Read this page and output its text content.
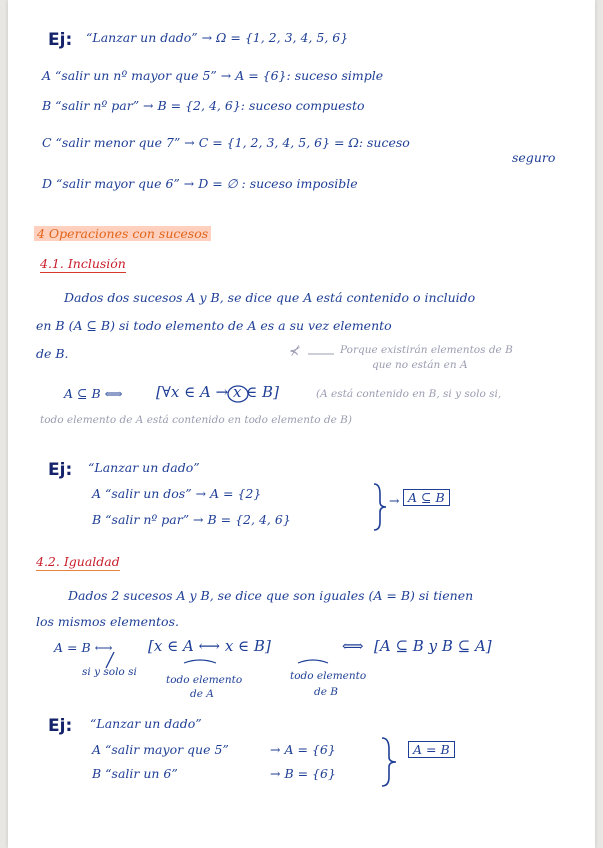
Ej: “Lanzar un dado” → Ω = {1, 2, 3, 4, 5, 6}
A “salir un nº mayor que 5” → A = {6}: suceso simple
B “salir nº par” → B = {2, 4, 6}: suceso compuesto
C “salir menor que 7” → C = {1, 2, 3, 4, 5, 6} = Ω: suceso
seguro
D “salir mayor que 6” → D = ∅ : suceso imposible
4 Operaciones con sucesos
4.1. Inclusión
Dados dos sucesos A y B, se dice que A está contenido o incluido
en B (A ⊆ B) si todo elemento de A es a su vez elemento
de B.	⊀	Porque existirán elementos de B
que no están en A
A ⊆ B ⟺ [∀x ∈ A → x ∈ B]	(A está contenido en B, si y solo si,
todo elemento de A está contenido en todo elemento de B)
Ej: “Lanzar un dado”
A “salir un dos” → A = {2}
B “salir nº par” → B = {2, 4, 6}
→ A ⊆ B
4.2. Igualdad
Dados 2 sucesos A y B, se dice que son iguales (A = B) si tienen
los mismos elementos.
A = B ⟷ [x ∈ A ⟷ x ∈ B]	⟺ [A ⊆ B y B ⊆ A]
si y solo si
todo elemento
de A
todo elemento
de B
Ej: “Lanzar un dado”
A “salir mayor que 5”	→ A = {6}
B “salir un 6”	→ B = {6}
A = B
